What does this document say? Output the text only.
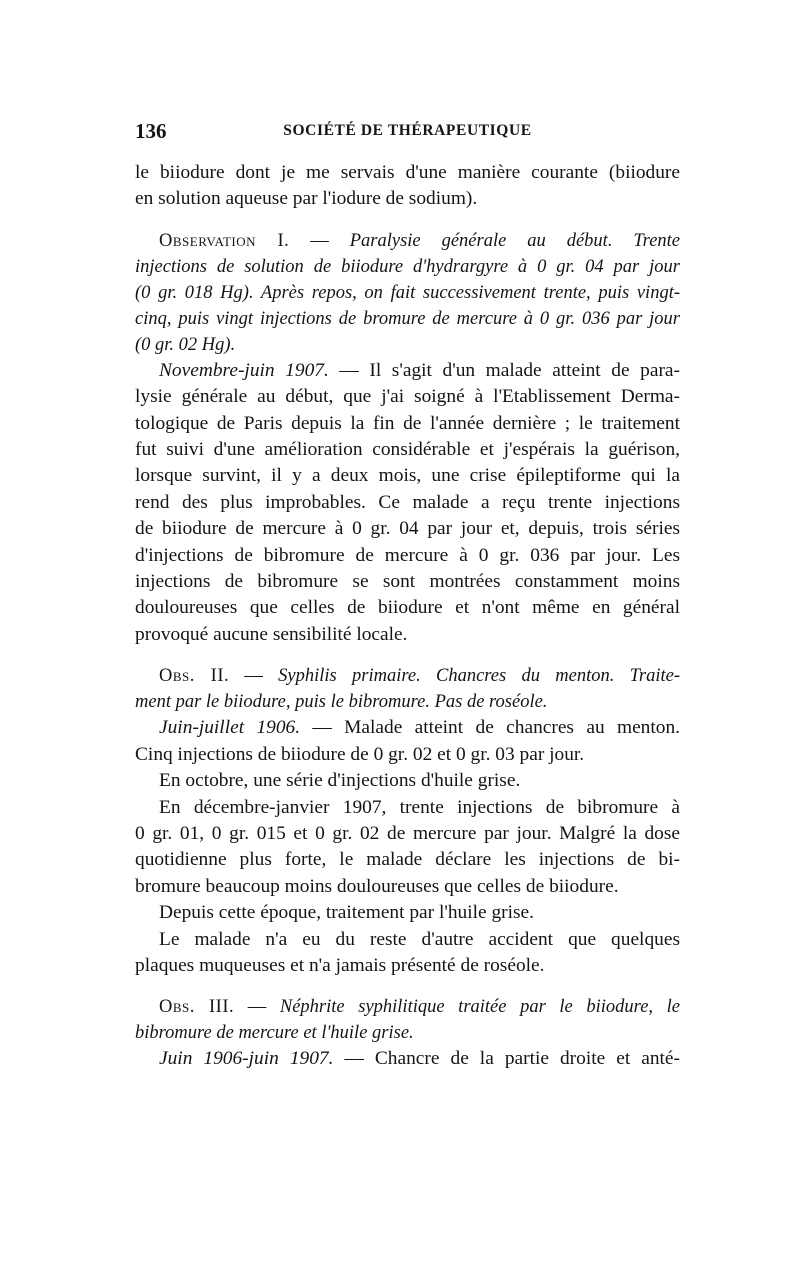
136	SOCIÉTÉ DE THÉRAPEUTIQUE
le biiodure dont je me servais d'une manière courante (biiodure
en solution aqueuse par l'iodure de sodium).
Observation I. — Paralysie générale au début. Trente
injections de solution de biiodure d'hydrargyre à 0 gr. 04 par jour
(0 gr. 018 Hg). Après repos, on fait successivement trente, puis vingt-
cinq, puis vingt injections de bromure de mercure à 0 gr. 036 par jour
(0 gr. 02 Hg).
Novembre-juin 1907. — Il s'agit d'un malade atteint de para-
lysie générale au début, que j'ai soigné à l'Etablissement Derma-
tologique de Paris depuis la fin de l'année dernière ; le traitement
fut suivi d'une amélioration considérable et j'espérais la guérison,
lorsque survint, il y a deux mois, une crise épileptiforme qui la
rend des plus improbables. Ce malade a reçu trente injections
de biiodure de mercure à 0 gr. 04 par jour et, depuis, trois séries
d'injections de bibromure de mercure à 0 gr. 036 par jour. Les
injections de bibromure se sont montrées constamment moins
douloureuses que celles de biiodure et n'ont même en général
provoqué aucune sensibilité locale.
Obs. II. — Syphilis primaire. Chancres du menton. Traite-
ment par le biiodure, puis le bibromure. Pas de roséole.
Juin-juillet 1906. — Malade atteint de chancres au menton.
Cinq injections de biiodure de 0 gr. 02 et 0 gr. 03 par jour.
En octobre, une série d'injections d'huile grise.
En décembre-janvier 1907, trente injections de bibromure à
0 gr. 01, 0 gr. 015 et 0 gr. 02 de mercure par jour. Malgré la dose
quotidienne plus forte, le malade déclare les injections de bi-
bromure beaucoup moins douloureuses que celles de biiodure.
Depuis cette époque, traitement par l'huile grise.
Le malade n'a eu du reste d'autre accident que quelques
plaques muqueuses et n'a jamais présenté de roséole.
Obs. III. — Néphrite syphilitique traitée par le biiodure, le
bibromure de mercure et l'huile grise.
Juin 1906-juin 1907. — Chancre de la partie droite et anté-
